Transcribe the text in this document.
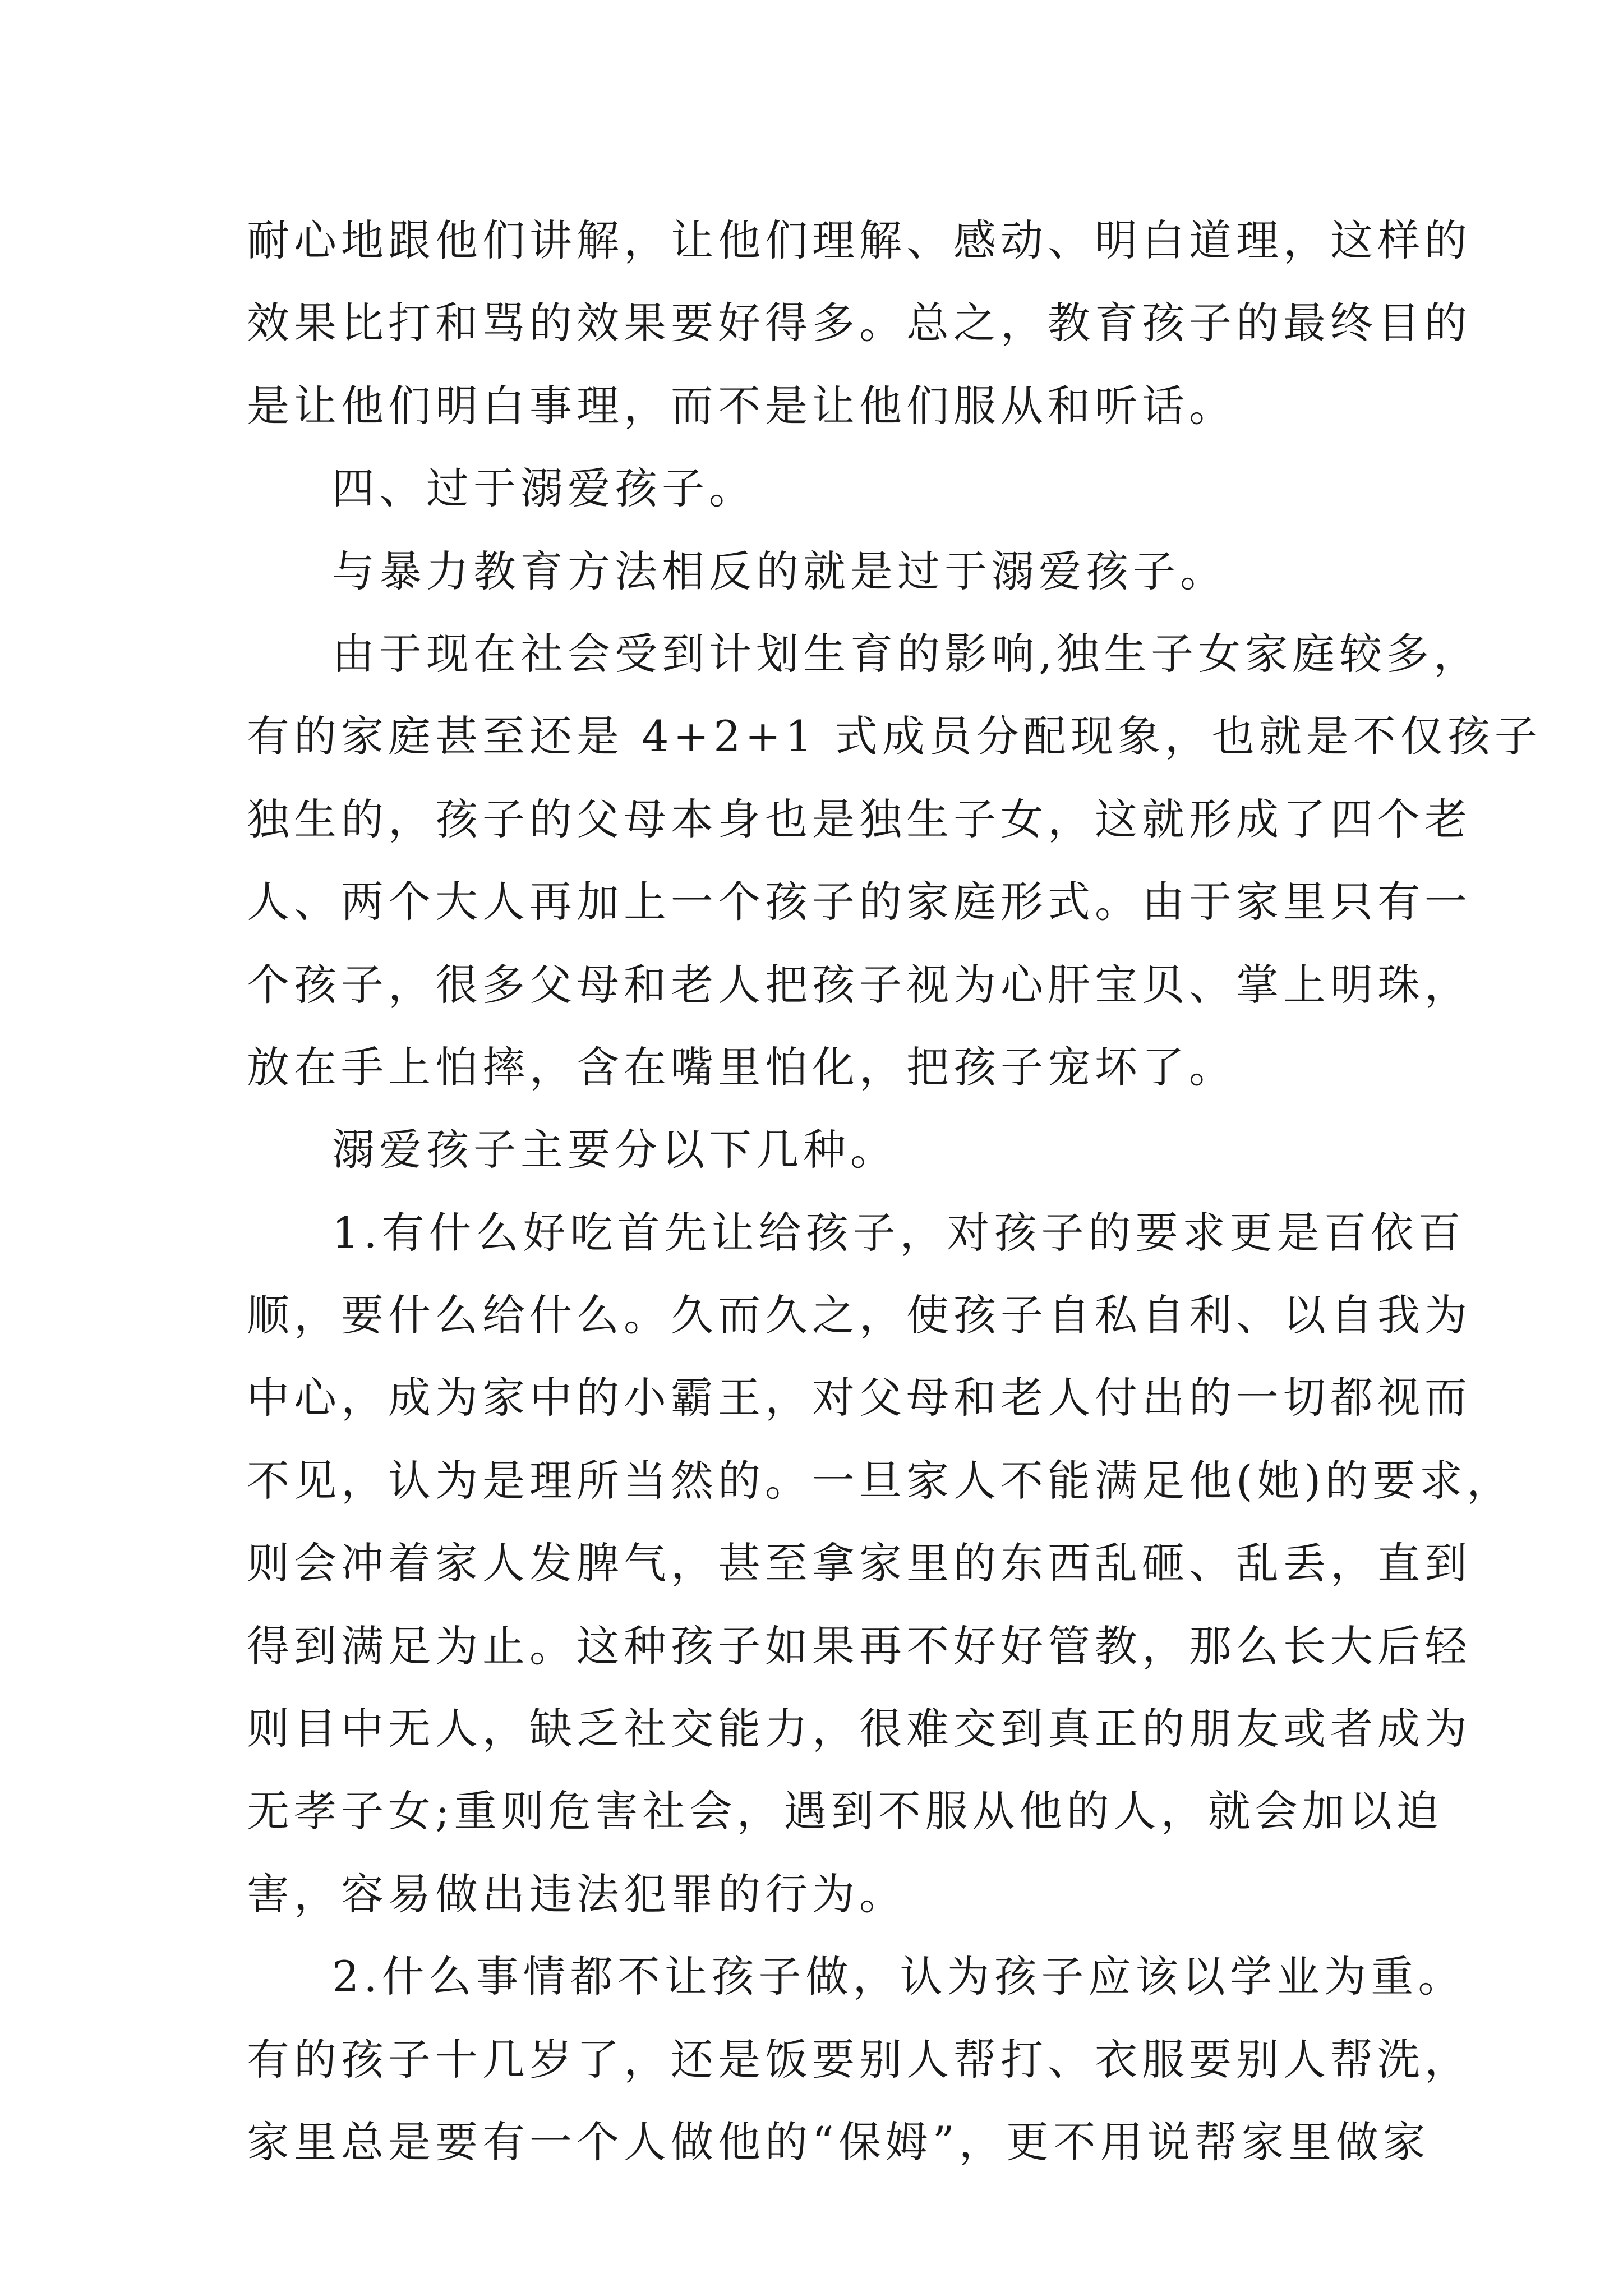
耐心地跟他们讲解，让他们理解、感动、明白道理，这样的
效果比打和骂的效果要好得多。总之，教育孩子的最终目的
是让他们明白事理，而不是让他们服从和听话。
四、过于溺爱孩子。
与暴力教育方法相反的就是过于溺爱孩子。
由于现在社会受到计划生育的影响,独生子女家庭较多，
有的家庭甚至还是 4+2+1 式成员分配现象，也就是不仅孩子
独生的，孩子的父母本身也是独生子女，这就形成了四个老
人、两个大人再加上一个孩子的家庭形式。由于家里只有一
个孩子，很多父母和老人把孩子视为心肝宝贝、掌上明珠，
放在手上怕摔，含在嘴里怕化，把孩子宠坏了。
溺爱孩子主要分以下几种。
1.有什么好吃首先让给孩子，对孩子的要求更是百依百
顺，要什么给什么。久而久之，使孩子自私自利、以自我为
中心，成为家中的小霸王，对父母和老人付出的一切都视而
不见，认为是理所当然的。一旦家人不能满足他(她)的要求，
则会冲着家人发脾气，甚至拿家里的东西乱砸、乱丢，直到
得到满足为止。这种孩子如果再不好好管教，那么长大后轻
则目中无人，缺乏社交能力，很难交到真正的朋友或者成为
无孝子女;重则危害社会，遇到不服从他的人，就会加以迫
害，容易做出违法犯罪的行为。
2.什么事情都不让孩子做，认为孩子应该以学业为重。
有的孩子十几岁了，还是饭要别人帮打、衣服要别人帮洗，
家里总是要有一个人做他的“保姆”，更不用说帮家里做家
